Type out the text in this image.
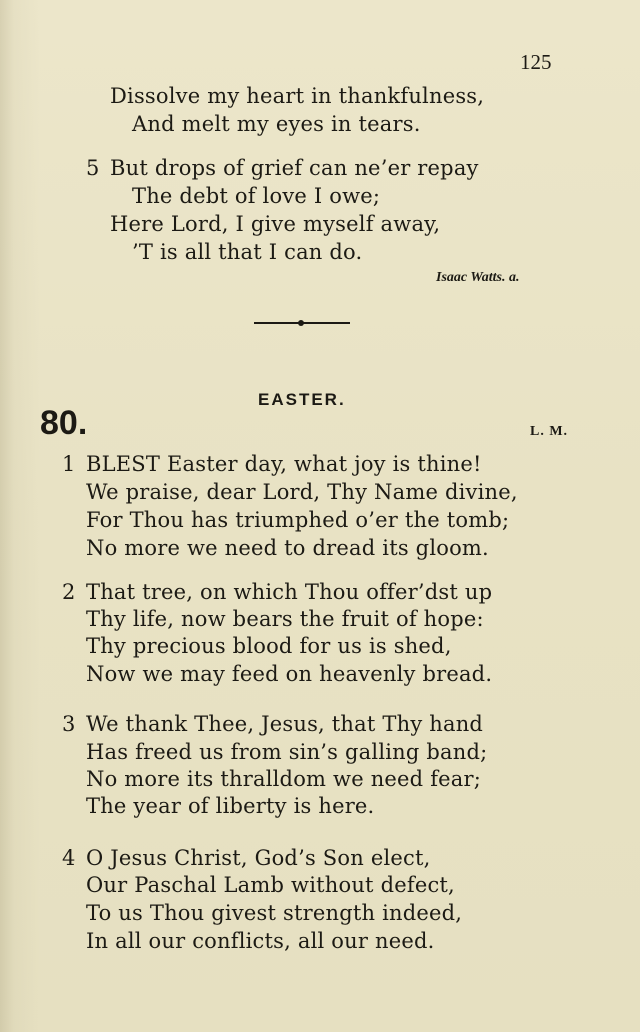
125
Dissolve my heart in thankfulness,
And melt my eyes in tears.
5 But drops of grief can ne’er repay
The debt of love I owe;
Here Lord, I give myself away,
’T is all that I can do.
Isaac Watts. a.
EASTER.
80.	L. M.
1 BLEST Easter day, what joy is thine!
We praise, dear Lord, Thy Name divine,
For Thou has triumphed o’er the tomb;
No more we need to dread its gloom.
2 That tree, on which Thou offer’dst up
Thy life, now bears the fruit of hope:
Thy precious blood for us is shed,
Now we may feed on heavenly bread.
3 We thank Thee, Jesus, that Thy hand
Has freed us from sin’s galling band;
No more its thralldom we need fear;
The year of liberty is here.
4 O Jesus Christ, God’s Son elect,
Our Paschal Lamb without defect,
To us Thou givest strength indeed,
In all our conflicts, all our need.
